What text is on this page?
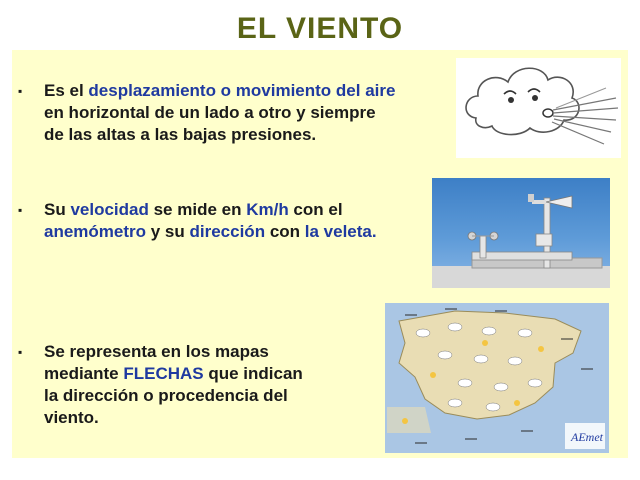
EL VIENTO
▪ Es el desplazamiento o movimiento del aire
en horizontal de un lado a otro y siempre
de las altas a las bajas presiones.
▪ Su velocidad se mide en Km/h con el
anemómetro y su dirección con la veleta.
▪ Se representa en los mapas
mediante FLECHAS que indican
la dirección o procedencia del
viento.
AEmet
